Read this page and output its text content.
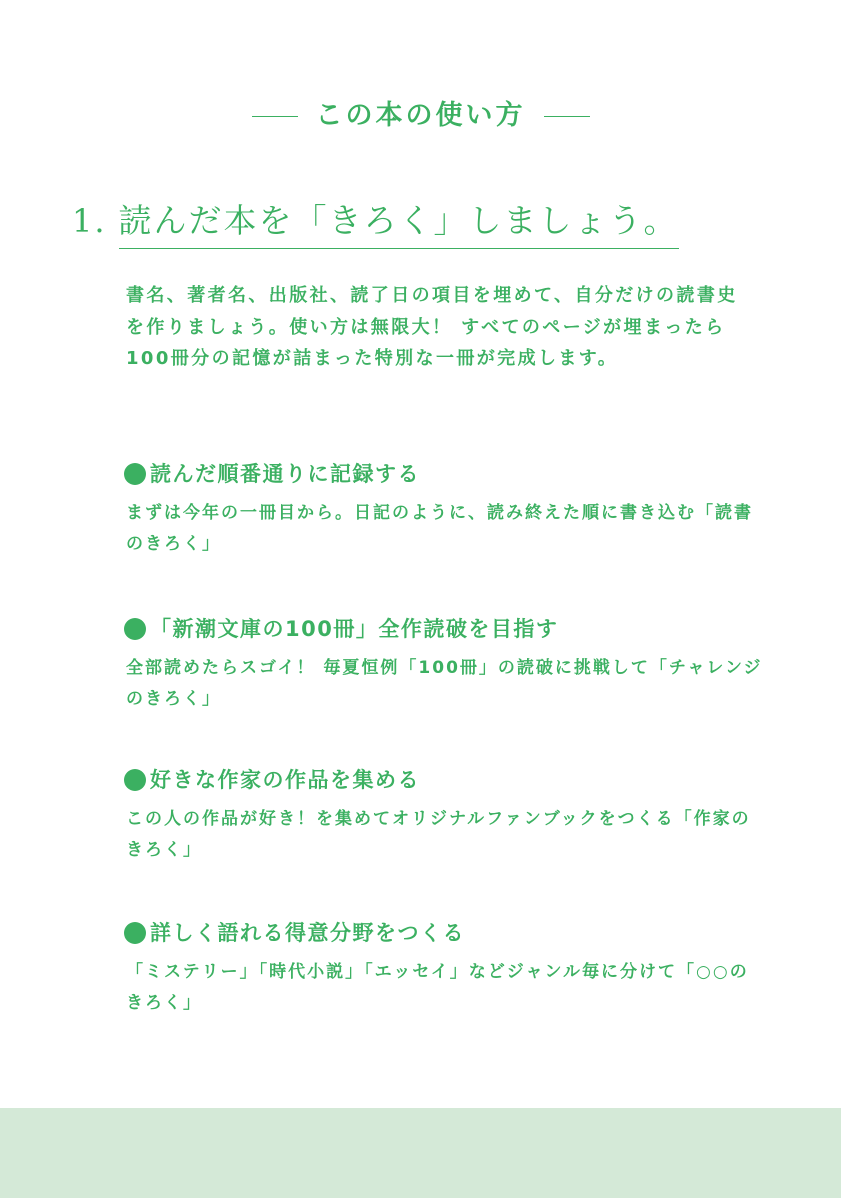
この本の使い方
1. 読んだ本を「きろく」しましょう。

書名、著者名、出版社、読了日の項目を埋めて、自分だけの読書史を作りましょう。使い方は無限大！ すべてのページが埋まったら100冊分の記憶が詰まった特別な一冊が完成します。

読んだ順番通りに記録する

まずは今年の一冊目から。日記のように、読み終えた順に書き込む「読書のきろく」

「新潮文庫の100冊」全作読破を目指す

全部読めたらスゴイ！ 毎夏恒例「100冊」の読破に挑戦して「チャレンジのきろく」

好きな作家の作品を集める

この人の作品が好き！を集めてオリジナルファンブックをつくる「作家のきろく」

詳しく語れる得意分野をつくる

「ミステリー」「時代小説」「エッセイ」などジャンル毎に分けて「○○のきろく」
